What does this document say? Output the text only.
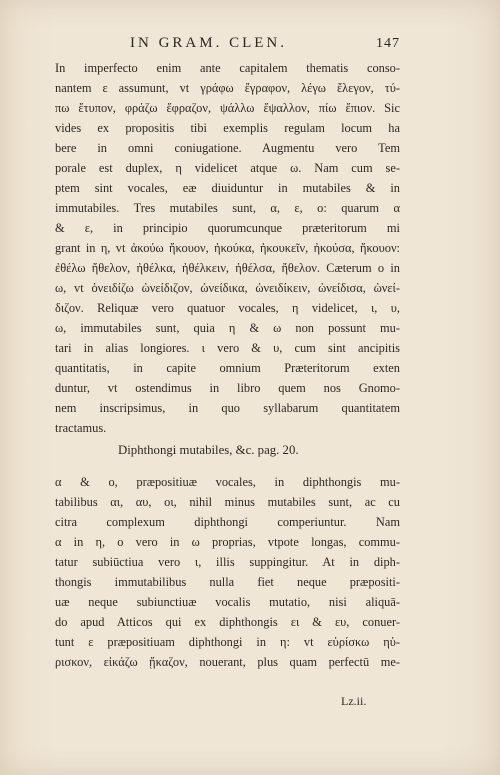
IN GRAM. CLEN.	147
In imperfecto enim ante capitalem thematis conso-
nantem ε assumunt, vt γράφω ἔγραφον, λέγω ἔλεγον, τύ-
πω ἔτυπον, φράζω ἔφραζον, ψάλλω ἔψαλλον, πίω ἔπιον. Sic
vides ex propositis tibi exemplis regulam locum ha
bere in omni coniugatione. Augmentu vero Tem
porale est duplex, η videlicet atque ω. Nam cum se-
ptem sint vocales, eæ diuiduntur in mutabiles & in
immutabiles. Tres mutabiles sunt, α, ε, ο: quarum α
& ε, in principio quorumcunque præteritorum mi
grant in η, vt ἀκούω ἤκουον, ἠκούκα, ἠκουκεῖν, ἠκούσα, ἤκουον:
ἐθέλω ἤθελον, ἠθέλκα, ἠθέλκειν, ἠθέλσα, ἤθελον. Cæterum o in
ω, vt ὀνειδίζω ὠνείδιζον, ὠνείδικα, ὠνειδίκειν, ὠνείδισα, ὠνεί-
διζον. Reliquæ vero quatuor vocales, η videlicet, ι, υ,
ω, immutabiles sunt, quia η & ω non possunt mu-
tari in alias longiores. ι vero & υ, cum sint ancipitis
quantitatis, in capite omnium Præteritorum exten
duntur, vt ostendimus in libro quem nos Gnomo-
nem inscripsimus, in quo syllabarum quantitatem
tractamus.
Diphthongi mutabiles, &c. pag. 20.
α & ο, præpositiuæ vocales, in diphthongis mu-
tabilibus αι, αυ, οι, nihil minus mutabiles sunt, ac cu
citra complexum diphthongi comperiuntur. Nam
α in η, ο vero in ω proprias, vtpote longas, commu-
tatur subiūctiua vero ι, illis suppingitur. At in diph-
thongis immutabilibus nulla fiet neque præpositi-
uæ neque subiunctiuæ vocalis mutatio, nisi aliquā-
do apud Atticos qui ex diphthongis ει & ευ, conuer-
tunt ε præpositiuam diphthongi in η: vt εὑρίσκω ηὑ-
ρισκον, εἰκάζω ᾔκαζον, nouerant, plus quam perfectū me-
Lz.ii.
